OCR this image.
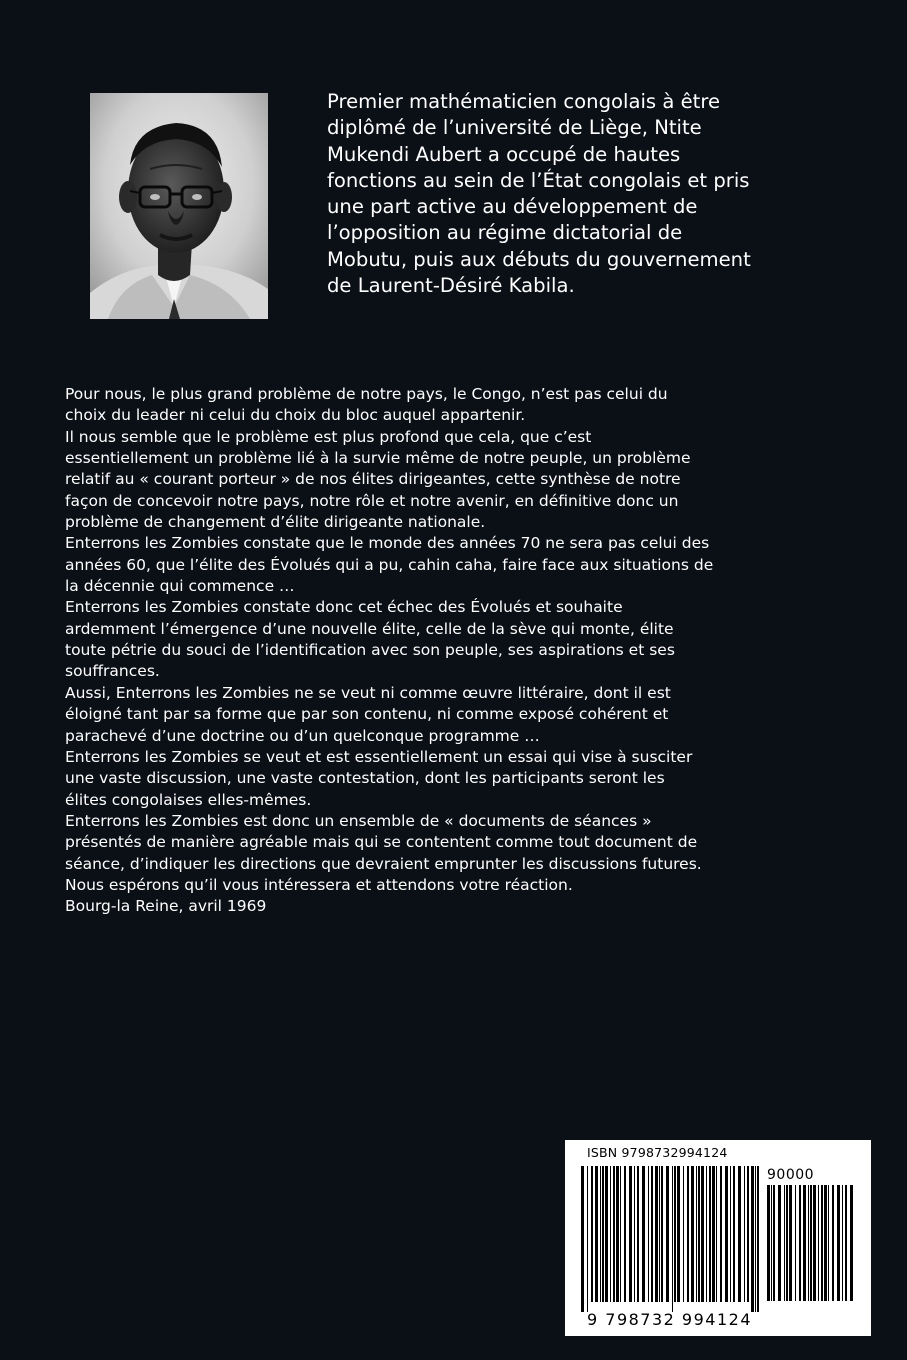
Premier mathématicien congolais à être
diplômé de l’université de Liège, Ntite
Mukendi Aubert a occupé de hautes
fonctions au sein de l’État congolais et pris
une part active au développement de
l’opposition au régime dictatorial de
Mobutu, puis aux débuts du gouvernement
de Laurent-Désiré Kabila.
Pour nous, le plus grand problème de notre pays, le Congo, n’est pas celui du
choix du leader ni celui du choix du bloc auquel appartenir.
Il nous semble que le problème est plus profond que cela, que c’est
essentiellement un problème lié à la survie même de notre peuple, un problème
relatif au « courant porteur » de nos élites dirigeantes, cette synthèse de notre
façon de concevoir notre pays, notre rôle et notre avenir, en définitive donc un
problème de changement d’élite dirigeante nationale.
Enterrons les Zombies constate que le monde des années 70 ne sera pas celui des
années 60, que l’élite des Évolués qui a pu, cahin caha, faire face aux situations de
la décennie qui commence …
Enterrons les Zombies constate donc cet échec des Évolués et souhaite
ardemment l’émergence d’une nouvelle élite, celle de la sève qui monte, élite
toute pétrie du souci de l’identification avec son peuple, ses aspirations et ses
souffrances.
Aussi, Enterrons les Zombies ne se veut ni comme œuvre littéraire, dont il est
éloigné tant par sa forme que par son contenu, ni comme exposé cohérent et
parachevé d’une doctrine ou d’un quelconque programme …
Enterrons les Zombies se veut et est essentiellement un essai qui vise à susciter
une vaste discussion, une vaste contestation, dont les participants seront les
élites congolaises elles-mêmes.
Enterrons les Zombies est donc un ensemble de « documents de séances »
présentés de manière agréable mais qui se contentent comme tout document de
séance, d’indiquer les directions que devraient emprunter les discussions futures.
Nous espérons qu’il vous intéressera et attendons votre réaction.
Bourg-la Reine, avril 1969
ISBN 9798732994124
90000
9 798732 994124
